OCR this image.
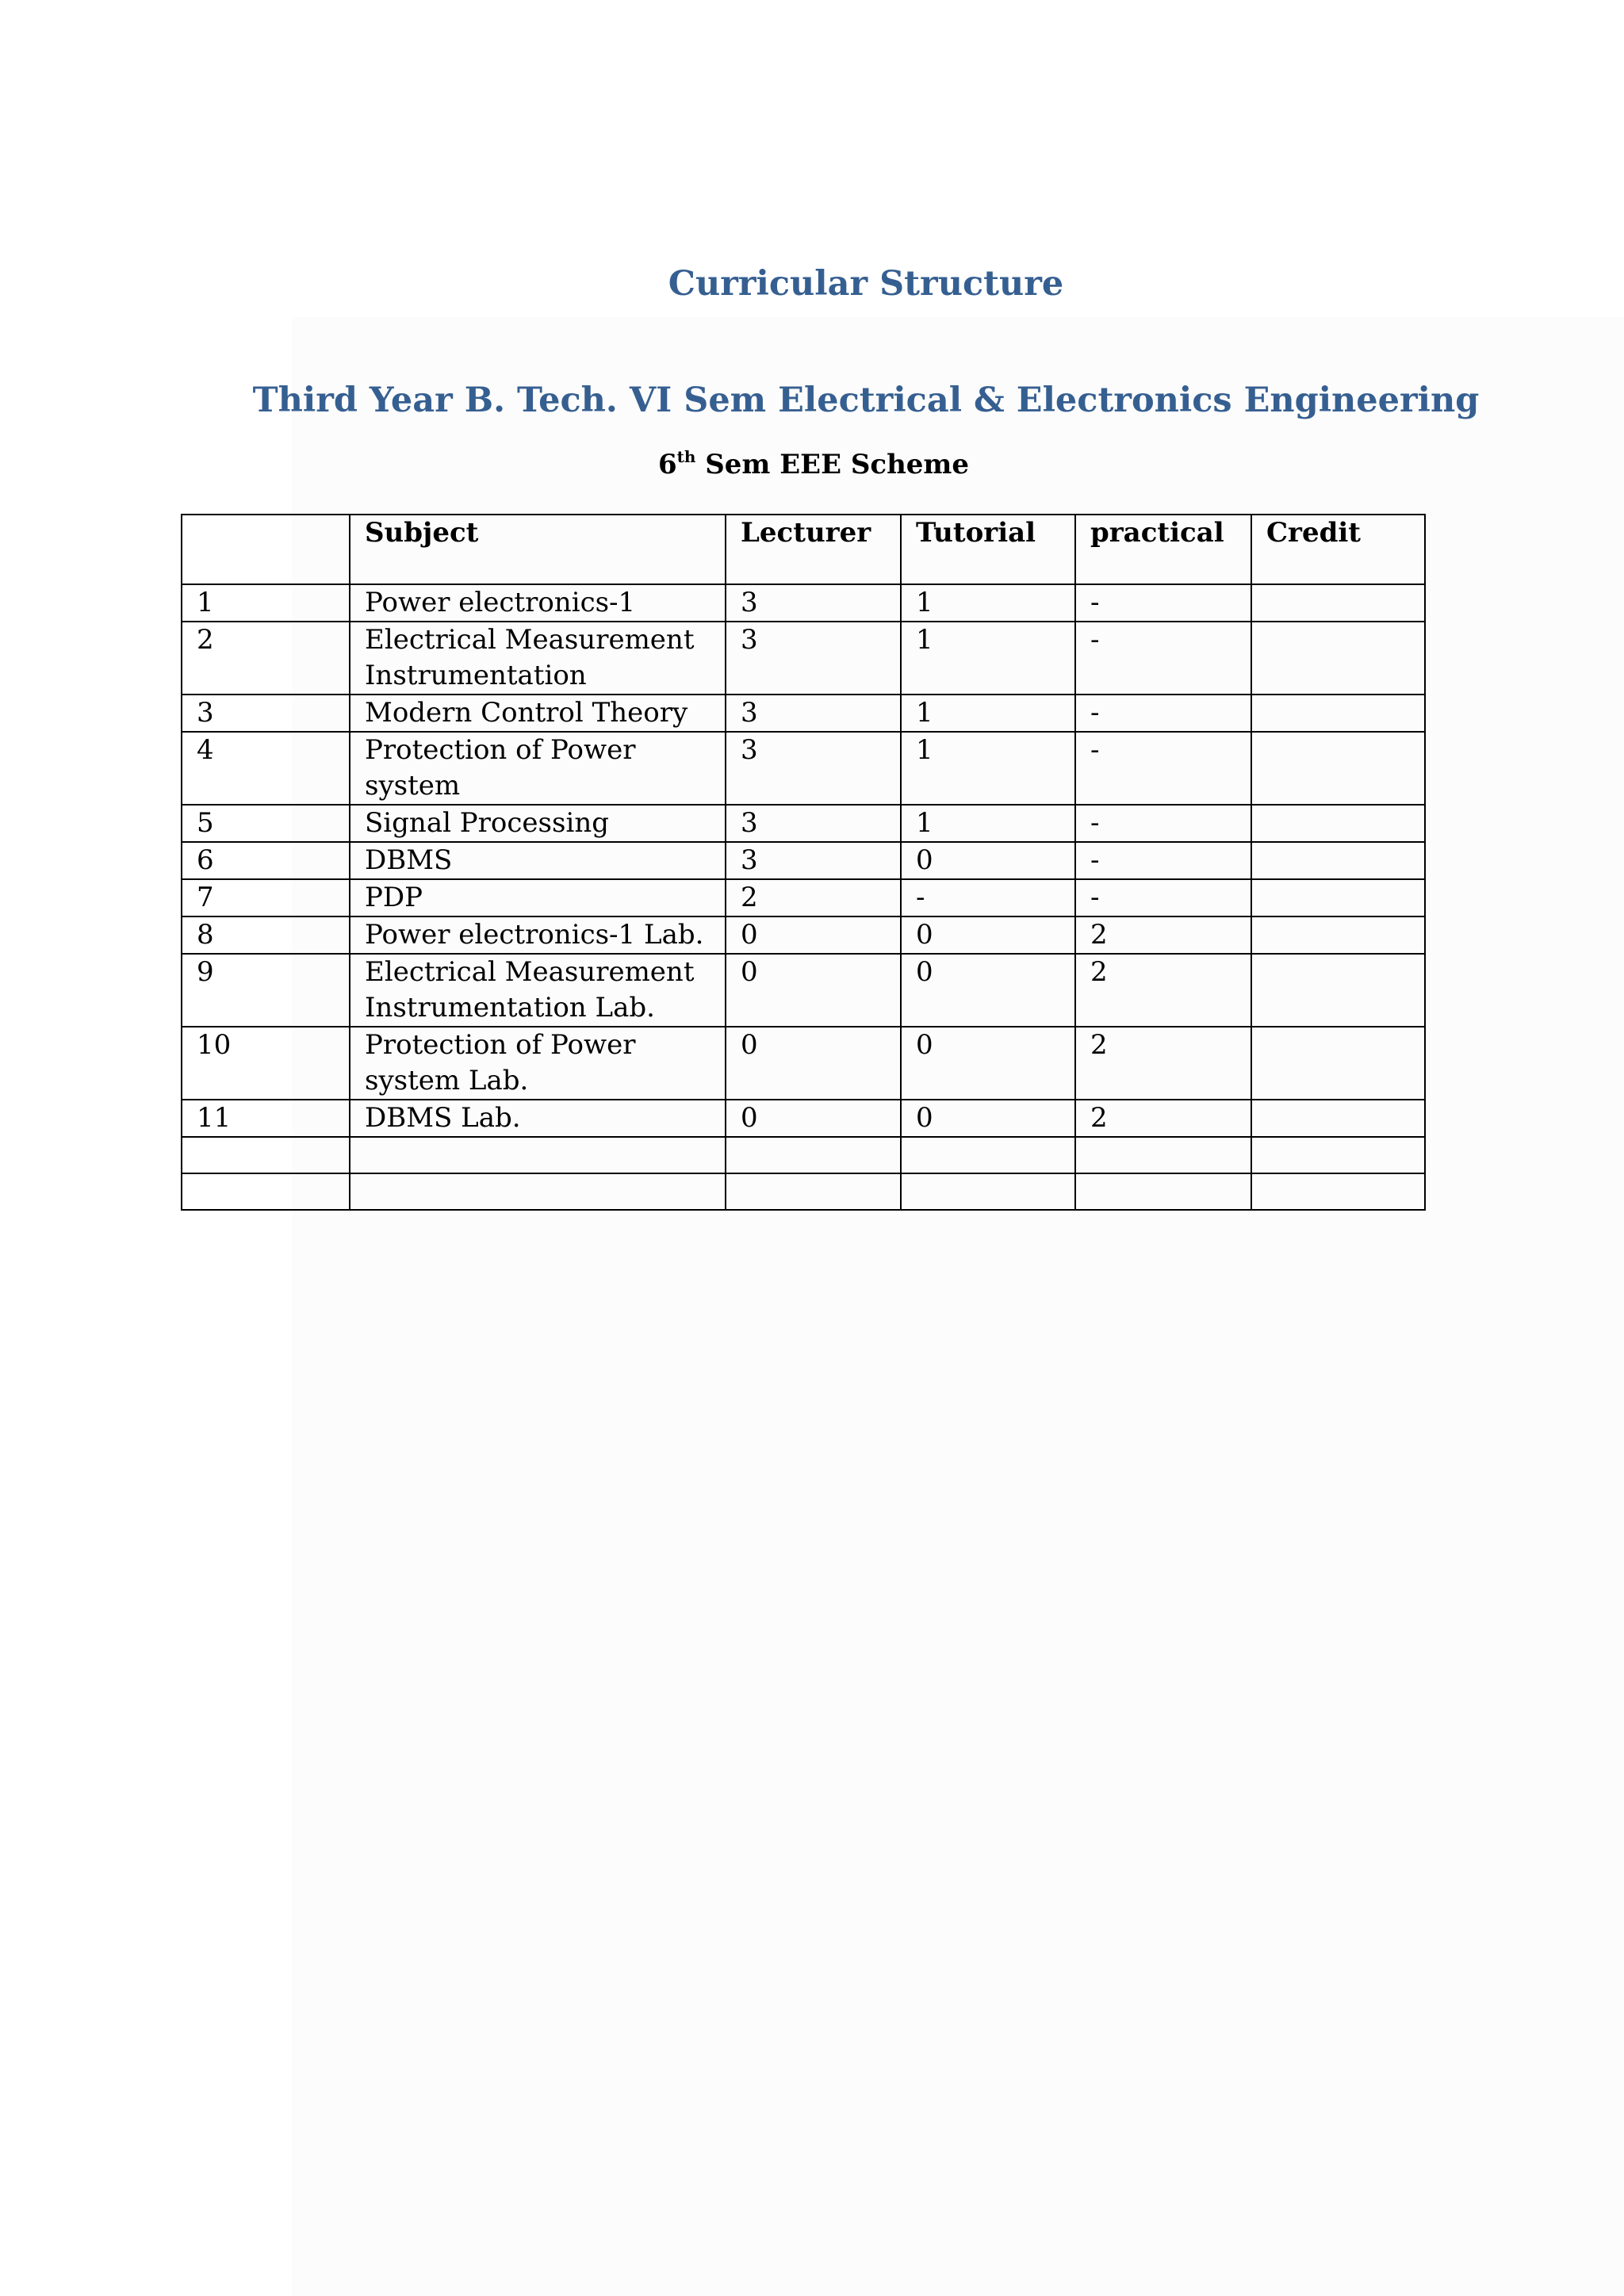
Curricular Structure
Third Year B. Tech. VI Sem Electrical & Electronics Engineering
6th Sem EEE Scheme
	Subject	Lecturer	Tutorial	practical	Credit
1	Power electronics-1	3	1	-	
2	Electrical Measurement
Instrumentation	3	1	-	
3	Modern Control Theory	3	1	-	
4	Protection of Power
system	3	1	-	
5	Signal Processing	3	1	-	
6	DBMS	3	0	-	
7	PDP	2	-	-	
8	Power electronics-1 Lab.	0	0	2	
9	Electrical Measurement
Instrumentation Lab.	0	0	2	
10	Protection of Power
system Lab.	0	0	2	
11	DBMS Lab.	0	0	2	
